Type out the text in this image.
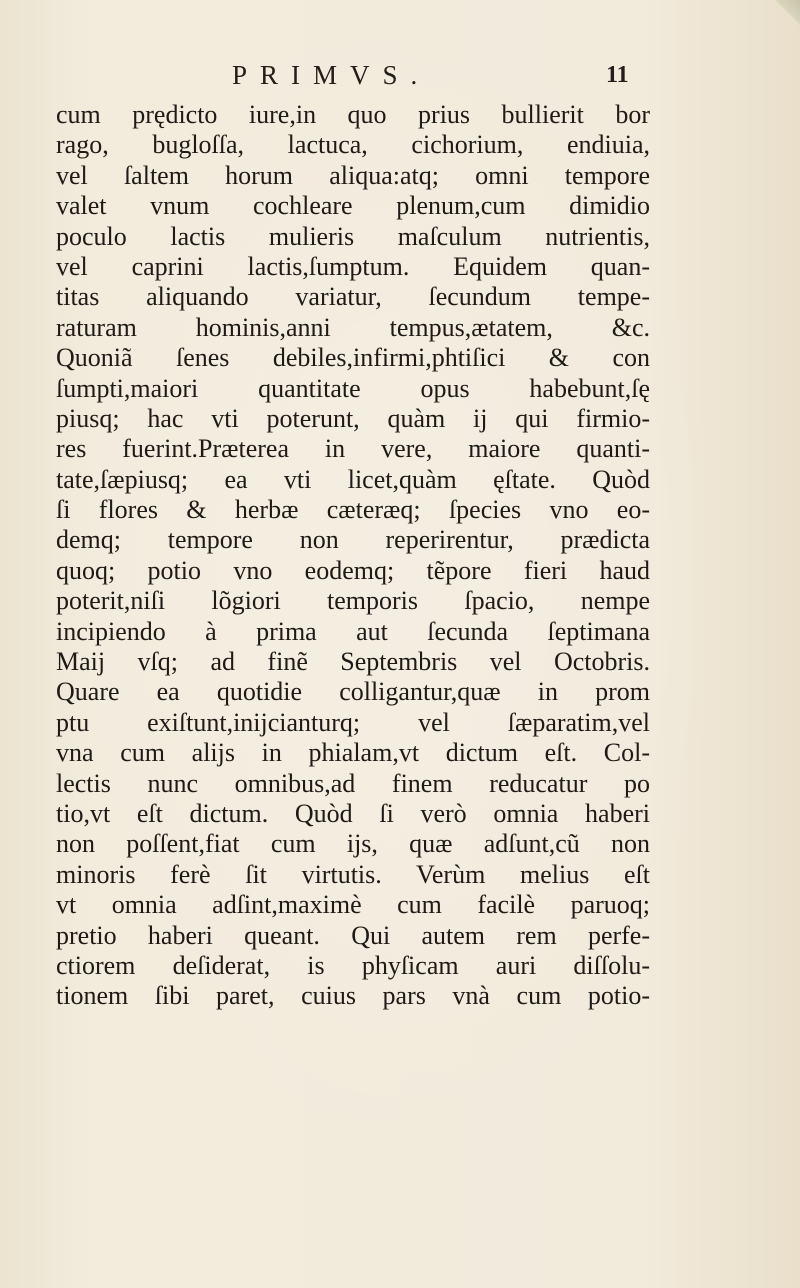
PRIMVS.	11
cum prędicto iure,in quo prius bullierit bor
rago, bugloſſa, lactuca, cichorium, endiuia,
vel ſaltem horum aliqua:atq; omni tempore
valet vnum cochleare plenum,cum dimidio
poculo lactis mulieris maſculum nutrientis,
vel caprini lactis,ſumptum. Equidem quan-
titas aliquando variatur, ſecundum tempe-
raturam hominis,anni tempus,ætatem, &c.
Quoniã ſenes debiles,infirmi,phtiſici & con
ſumpti,maiori quantitate opus habebunt,ſę
piusq; hac vti poterunt, quàm ij qui firmio-
res fuerint.Præterea in vere, maiore quanti-
tate,ſæpiusq; ea vti licet,quàm ęſtate. Quòd
ſi flores & herbæ cæteræq; ſpecies vno eo-
demq; tempore non reperirentur, prædicta
quoq; potio vno eodemq; tẽpore fieri haud
poterit,niſi lõgiori temporis ſpacio, nempe
incipiendo à prima aut ſecunda ſeptimana
Maij vſq; ad finẽ Septembris vel Octobris.
Quare ea quotidie colligantur,quæ in prom
ptu exiſtunt,inijcianturq; vel ſæparatim,vel
vna cum alijs in phialam,vt dictum eſt. Col-
lectis nunc omnibus,ad finem reducatur po
tio,vt eſt dictum. Quòd ſi verò omnia haberi
non poſſent,fiat cum ijs, quæ adſunt,cũ non
minoris ferè ſit virtutis. Verùm melius eſt
vt omnia adſint,maximè cum facilè paruoq;
pretio haberi queant. Qui autem rem perfe-
ctiorem deſiderat, is phyſicam auri diſſolu-
tionem ſibi paret, cuius pars vnà cum potio-
